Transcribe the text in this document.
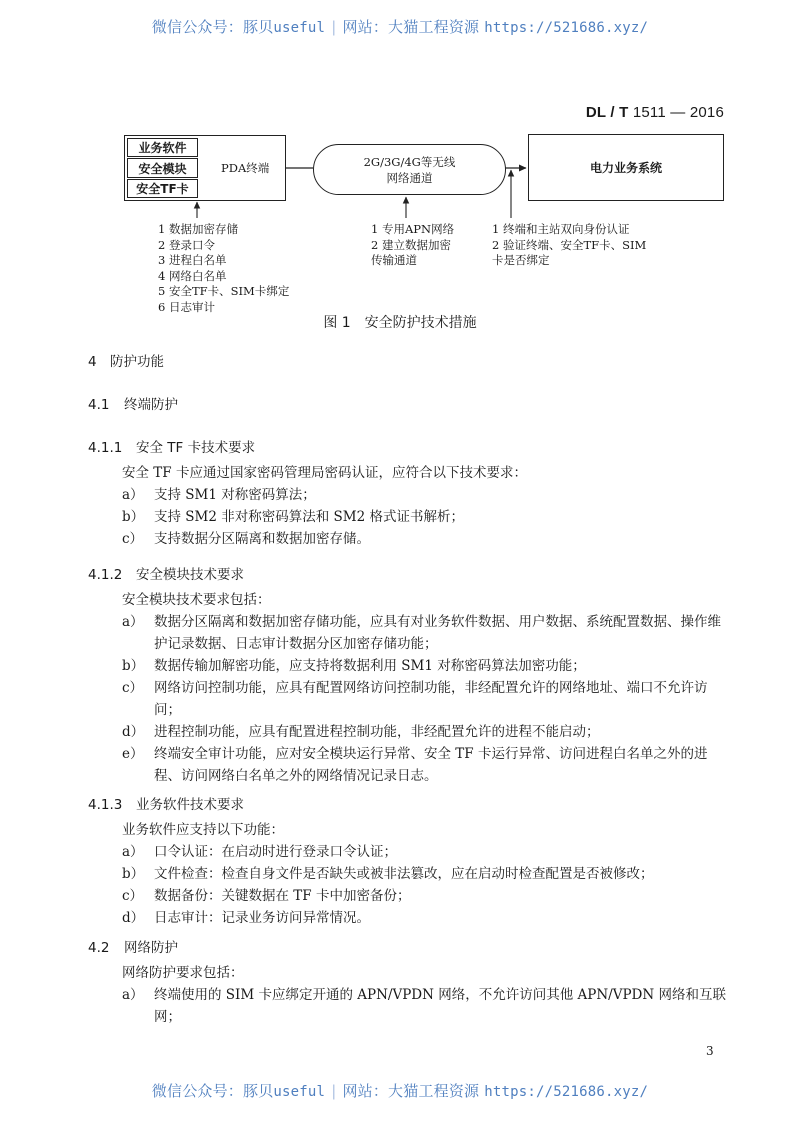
微信公众号：豚贝useful | 网站：大猫工程资源 https://521686.xyz/
DL / T 1511 — 2016
业务软件
安全模块
安全TF卡
PDA终端	2G/3G/4G等无线
网络通道
电力业务系统
1 数据加密存储
2 登录口令
3 进程白名单
4 网络白名单
5 安全TF卡、SIM卡绑定
6 日志审计
1 专用APN网络
2 建立数据加密
传输通道
1 终端和主站双向身份认证
2 验证终端、安全TF卡、SIM
卡是否绑定
图 1 安全防护技术措施
4 防护功能
4.1 终端防护
4.1.1 安全 TF 卡技术要求
安全 TF 卡应通过国家密码管理局密码认证，应符合以下技术要求：
a） 支持 SM1 对称密码算法；
b） 支持 SM2 非对称密码算法和 SM2 格式证书解析；
c） 支持数据分区隔离和数据加密存储。
4.1.2 安全模块技术要求
安全模块技术要求包括：
a） 数据分区隔离和数据加密存储功能，应具有对业务软件数据、用户数据、系统配置数据、操作维护记录数据、日志审计数据分区加密存储功能；
b） 数据传输加解密功能，应支持将数据利用 SM1 对称密码算法加密功能；
c） 网络访问控制功能，应具有配置网络访问控制功能，非经配置允许的网络地址、端口不允许访问；
d） 进程控制功能，应具有配置进程控制功能，非经配置允许的进程不能启动；
e） 终端安全审计功能，应对安全模块运行异常、安全 TF 卡运行异常、访问进程白名单之外的进程、访问网络白名单之外的网络情况记录日志。
4.1.3 业务软件技术要求
业务软件应支持以下功能：
a） 口令认证：在启动时进行登录口令认证；
b） 文件检查：检查自身文件是否缺失或被非法篡改，应在启动时检查配置是否被修改；
c） 数据备份：关键数据在 TF 卡中加密备份；
d） 日志审计：记录业务访问异常情况。
4.2 网络防护
网络防护要求包括：
a） 终端使用的 SIM 卡应绑定开通的 APN/VPDN 网络，不允许访问其他 APN/VPDN 网络和互联网；
3
微信公众号：豚贝useful | 网站：大猫工程资源 https://521686.xyz/
